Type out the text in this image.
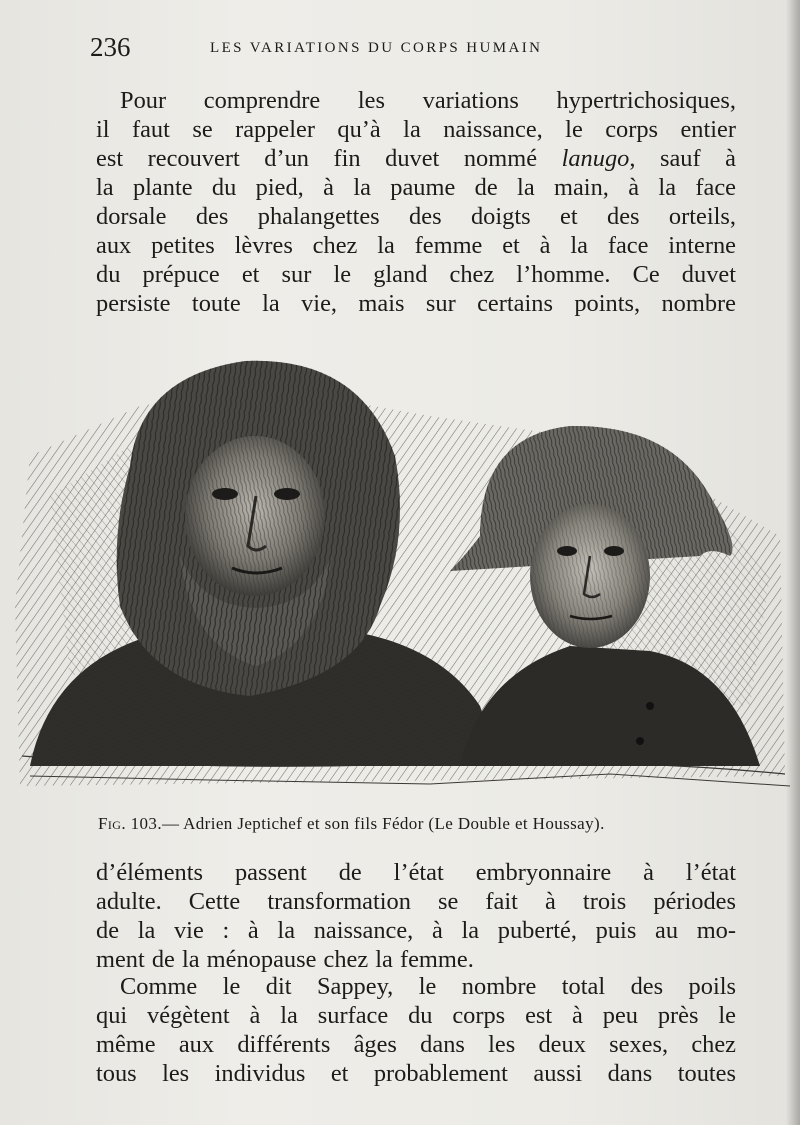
236	LES VARIATIONS DU CORPS HUMAIN

Pour comprendre les variations hypertrichosiques,
il faut se rappeler qu’à la naissance, le corps entier
est recouvert d’un fin duvet nommé lanugo, sauf à
la plante du pied, à la paume de la main, à la face
dorsale des phalangettes des doigts et des orteils,
aux petites lèvres chez la femme et à la face interne
du prépuce et sur le gland chez l’homme. Ce duvet
persiste toute la vie, mais sur certains points, nombre

Fig. 103.— Adrien Jeptichef et son fils Fédor (Le Double et Houssay).

d’éléments passent de l’état embryonnaire à l’état
adulte. Cette transformation se fait à trois périodes
de la vie : à la naissance, à la puberté, puis au mo-
ment de la ménopause chez la femme.

Comme le dit Sappey, le nombre total des poils
qui végètent à la surface du corps est à peu près le
même aux différents âges dans les deux sexes, chez
tous les individus et probablement aussi dans toutes
